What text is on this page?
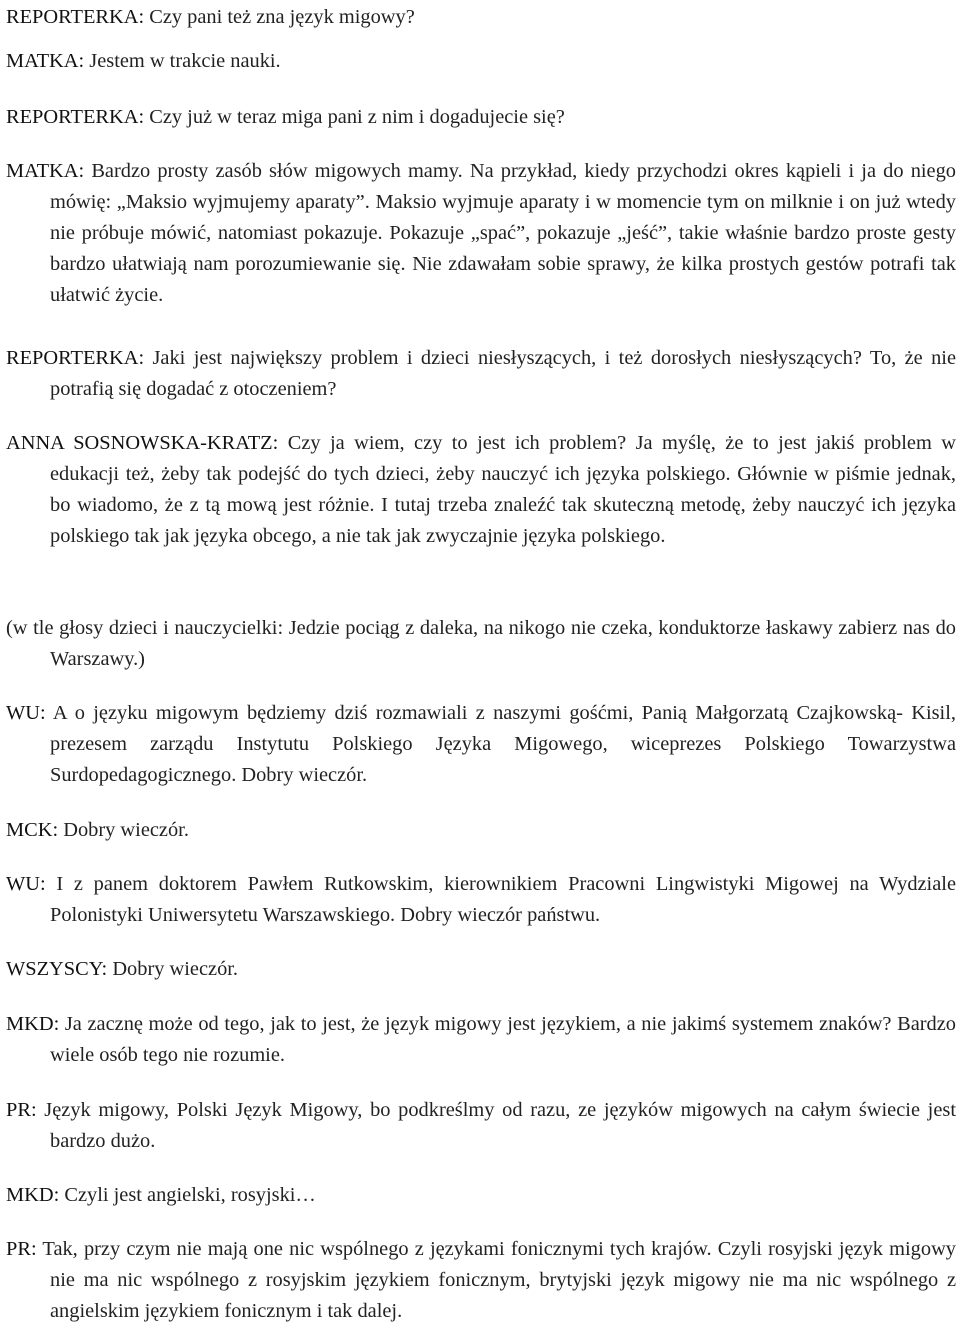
REPORTERKA: Czy pani też zna język migowy?

MATKA: Jestem w trakcie nauki.

REPORTERKA: Czy już w teraz miga pani z nim i dogadujecie się?

MATKA: Bardzo prosty zasób słów migowych mamy. Na przykład, kiedy przychodzi okres kąpieli i ja do niego mówię: „Maksio wyjmujemy aparaty”. Maksio wyjmuje aparaty i w momencie tym on milknie i on już wtedy nie próbuje mówić, natomiast pokazuje. Pokazuje „spać”, pokazuje „jeść”, takie właśnie bardzo proste gesty bardzo ułatwiają nam porozumiewanie się. Nie zdawałam sobie sprawy, że kilka prostych gestów potrafi tak ułatwić życie.

REPORTERKA: Jaki jest największy problem i dzieci niesłyszących, i też dorosłych niesłyszących? To, że nie potrafią się dogadać z otoczeniem?

ANNA SOSNOWSKA-KRATZ: Czy ja wiem, czy to jest ich problem? Ja myślę, że to jest jakiś problem w edukacji też, żeby tak podejść do tych dzieci, żeby nauczyć ich języka polskiego. Głównie w piśmie jednak, bo wiadomo, że z tą mową jest różnie. I tutaj trzeba znaleźć tak skuteczną metodę, żeby nauczyć ich języka polskiego tak jak języka obcego, a nie tak jak zwyczajnie języka polskiego.

(w tle głosy dzieci i nauczycielki: Jedzie pociąg z daleka, na nikogo nie czeka, konduktorze łaskawy zabierz nas do Warszawy.)

WU: A o języku migowym będziemy dziś rozmawiali z naszymi gośćmi, Panią Małgorzatą Czajkowską- Kisil, prezesem zarządu Instytutu Polskiego Języka Migowego, wiceprezes Polskiego Towarzystwa Surdopedagogicznego. Dobry wieczór.

MCK: Dobry wieczór.

WU: I z panem doktorem Pawłem Rutkowskim, kierownikiem Pracowni Lingwistyki Migowej na Wydziale Polonistyki Uniwersytetu Warszawskiego. Dobry wieczór państwu.

WSZYSCY: Dobry wieczór.

MKD: Ja zacznę może od tego, jak to jest, że język migowy jest językiem, a nie jakimś systemem znaków? Bardzo wiele osób tego nie rozumie.

PR: Język migowy, Polski Język Migowy, bo podkreślmy od razu, ze języków migowych na całym świecie jest bardzo dużo.

MKD: Czyli jest angielski, rosyjski…

PR: Tak, przy czym nie mają one nic wspólnego z językami fonicznymi tych krajów. Czyli rosyjski język migowy nie ma nic wspólnego z rosyjskim językiem fonicznym, brytyjski język migowy nie ma nic wspólnego z angielskim językiem fonicznym i tak dalej.
